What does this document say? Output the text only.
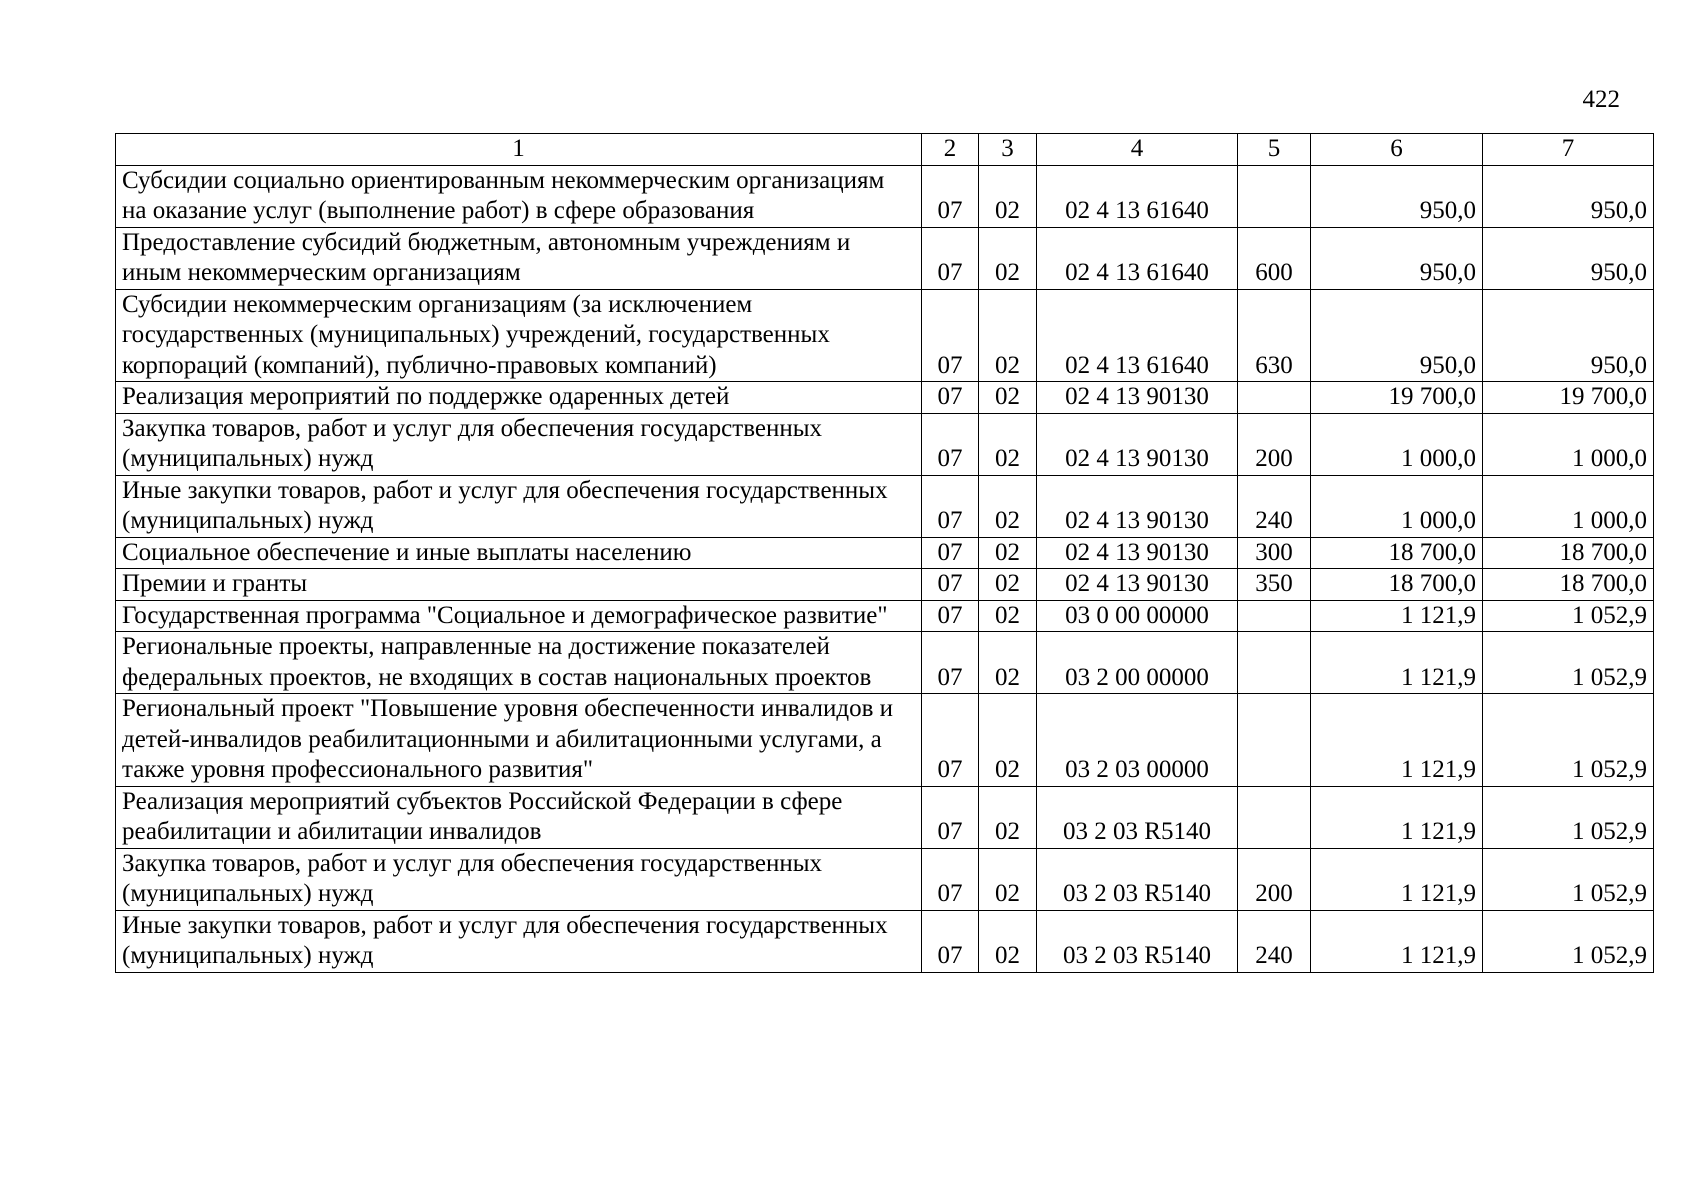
422
1	2	3	4	5	6	7
Субсидии социально ориентированным некоммерческим организациям на оказание услуг (выполнение работ) в сфере образования	07	02	02 4 13 61640		950,0	950,0
Предоставление субсидий бюджетным, автономным учреждениям и иным некоммерческим организациям	07	02	02 4 13 61640	600	950,0	950,0
Субсидии некоммерческим организациям (за исключением государственных (муниципальных) учреждений, государственных корпораций (компаний), публично-правовых компаний)	07	02	02 4 13 61640	630	950,0	950,0
Реализация мероприятий по поддержке одаренных детей	07	02	02 4 13 90130		19 700,0	19 700,0
Закупка товаров, работ и услуг для обеспечения государственных (муниципальных) нужд	07	02	02 4 13 90130	200	1 000,0	1 000,0
Иные закупки товаров, работ и услуг для обеспечения государственных (муниципальных) нужд	07	02	02 4 13 90130	240	1 000,0	1 000,0
Социальное обеспечение и иные выплаты населению	07	02	02 4 13 90130	300	18 700,0	18 700,0
Премии и гранты	07	02	02 4 13 90130	350	18 700,0	18 700,0
Государственная программа "Социальное и демографическое развитие"	07	02	03 0 00 00000		1 121,9	1 052,9
Региональные проекты, направленные на достижение показателей федеральных проектов, не входящих в состав национальных проектов	07	02	03 2 00 00000		1 121,9	1 052,9
Региональный проект "Повышение уровня обеспеченности инвалидов и детей-инвалидов реабилитационными и абилитационными услугами, а также уровня профессионального развития"	07	02	03 2 03 00000		1 121,9	1 052,9
Реализация мероприятий субъектов Российской Федерации в сфере реабилитации и абилитации инвалидов	07	02	03 2 03 R5140		1 121,9	1 052,9
Закупка товаров, работ и услуг для обеспечения государственных (муниципальных) нужд	07	02	03 2 03 R5140	200	1 121,9	1 052,9
Иные закупки товаров, работ и услуг для обеспечения государственных (муниципальных) нужд	07	02	03 2 03 R5140	240	1 121,9	1 052,9
